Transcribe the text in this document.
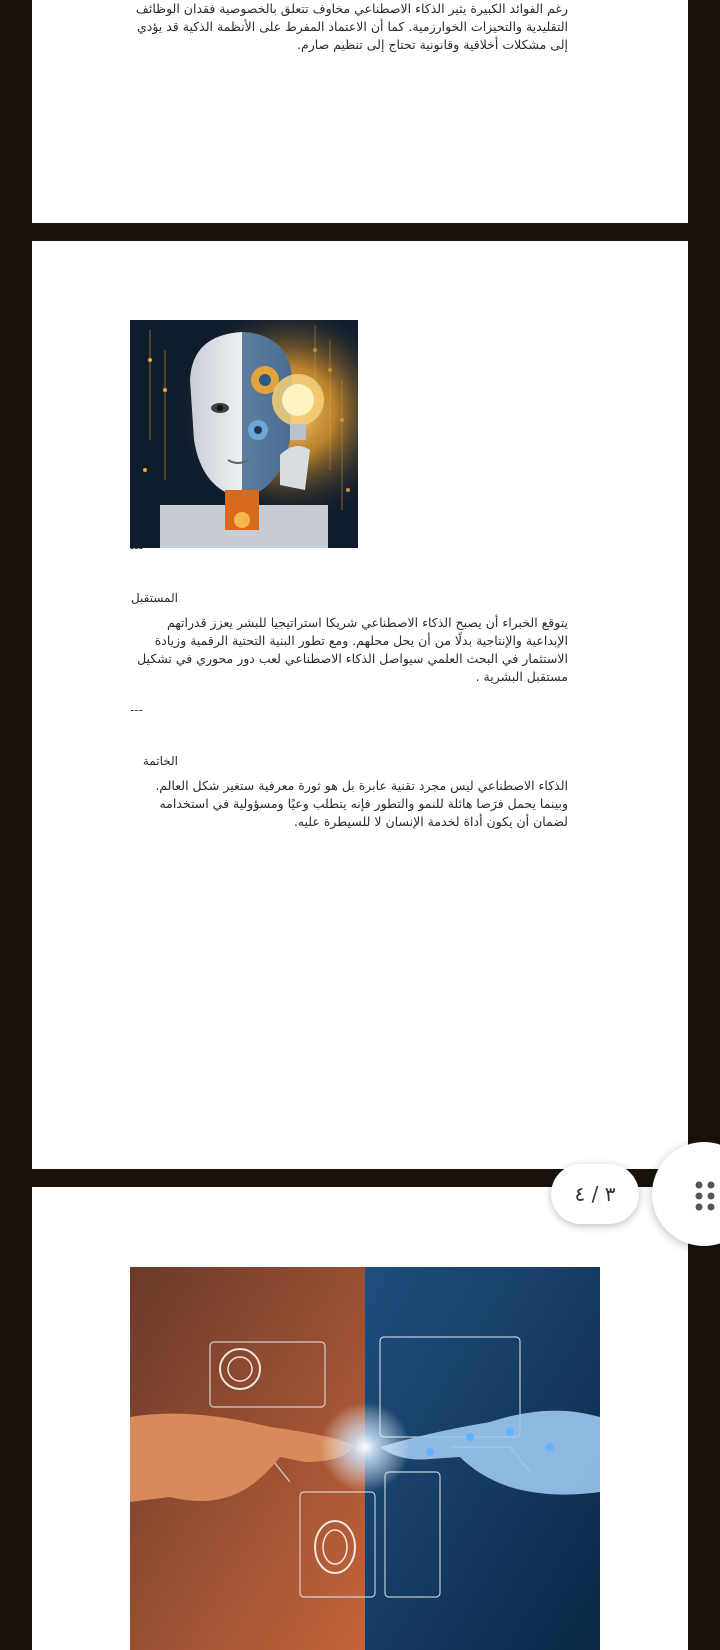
رغم الفوائد الكبيرة يثير الذكاء الاصطناعي مخاوف تتعلق بالخصوصية فقدان الوظائف التقليدية والتحيزات الخوارزمية. كما أن الاعتماد المفرط على الأنظمة الذكية قد يؤدي إلى مشكلات أخلاقية وقانونية تحتاج إلى تنظيم صارم.

---
المستقبل

يتوقع الخبراء أن يصبح الذكاء الاصطناعي شريكا استراتيجيا للبشر يعزز قدراتهم الإبداعية والإنتاجية بدلًا من أن يحل محلهم. ومع تطور البنية التحتية الرقمية وزيادة الاستثمار في البحث العلمي سيواصل الذكاء الاصطناعي لعب دور محوري في تشكيل مستقبل البشرية .

---
الخاتمة

الذكاء الاصطناعي ليس مجرد تقنية عابرة بل هو ثورة معرفية ستغير شكل العالم. وبينما يحمل فرَصا هائلة للنمو والتطور فإنه يتطلب وعيًا ومسؤولية في استخدامه لضمان أن يكون أداة لخدمة الإنسان لا للسيطرة عليه.

٣ / ٤
